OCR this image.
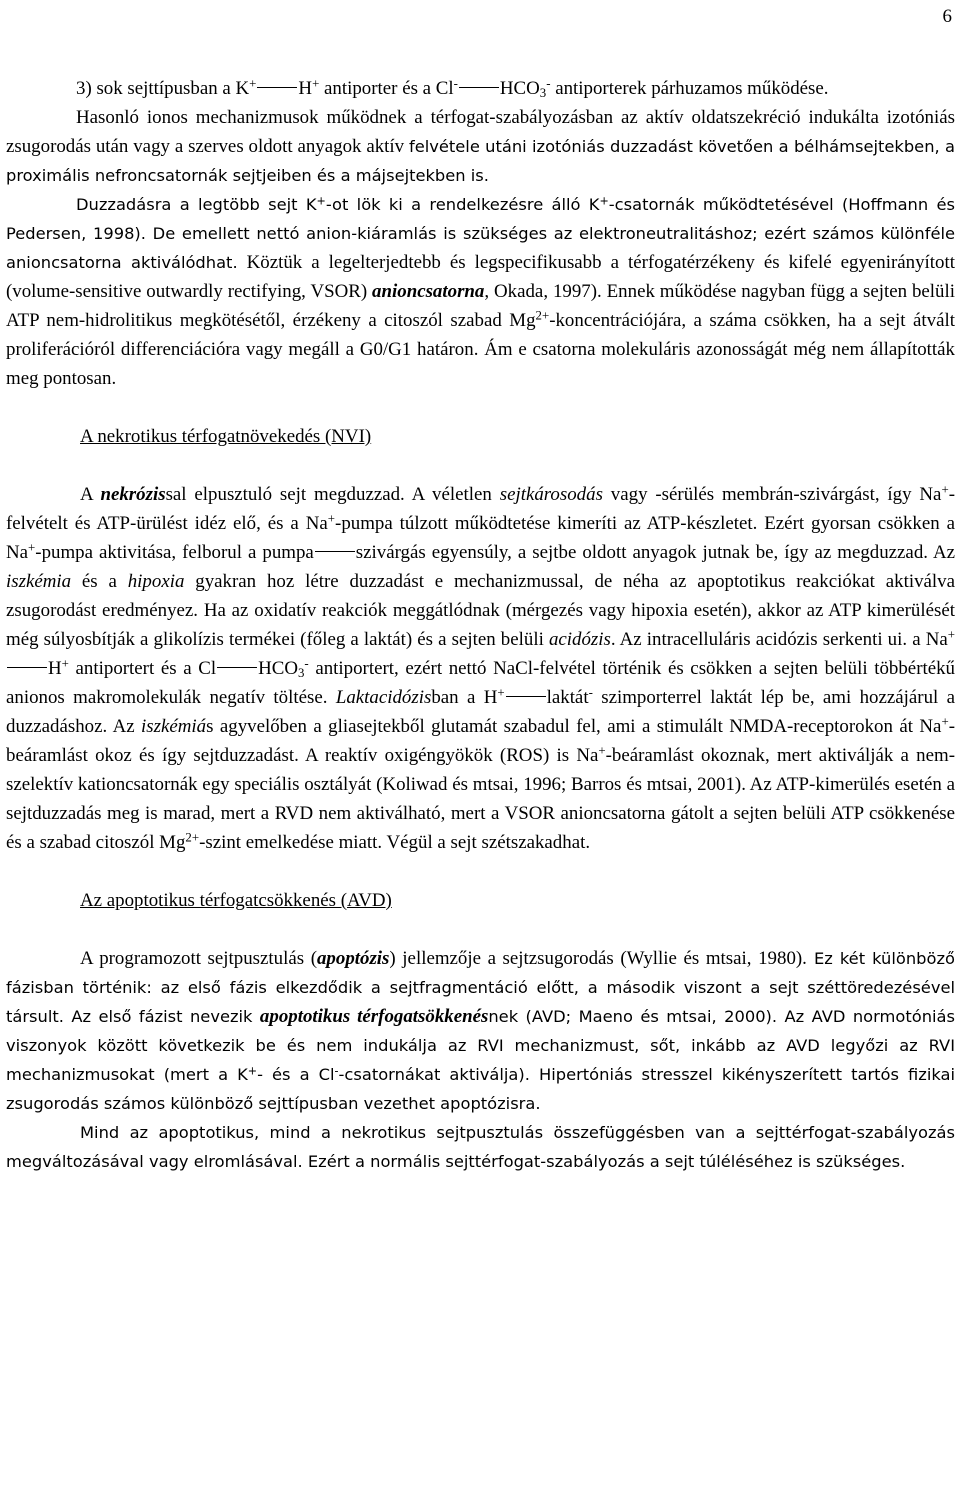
6

3) sok sejttípusban a K+ H+ antiporter és a Cl- $HCO_3^-$ antiporterek párhuzamos működése.

Hasonló ionos mechanizmusok működnek a térfogat-szabályozásban az aktív oldatszekréció indukálta izotóniás zsugorodás után vagy a szerves oldott anyagok aktív felvétele utáni izotóniás duzzadást követően a bélhámsejtekben, a proximális nefroncsatornák sejtjeiben és a májsejtekben is.

Duzzadásra a legtöbb sejt K+-ot lök ki a rendelkezésre álló K+-csatornák működtetésével (Hoffmann és Pedersen, 1998). De emellett nettó anion-kiáramlás is szükséges az elektroneutralitáshoz; ezért számos különféle anioncsatorna aktiválódhat. Köztük a legelterjedtebb és legspecifikusabb a térfogatérzékeny és kifelé egyenirányított (volume-sensitive outwardly rectifying, VSOR) anioncsatorna, Okada, 1997). Ennek működése nagyban függ a sejten belüli ATP nem-hidrolitikus megkötésétől, érzékeny a citoszól szabad $Mg^{2+}$-koncentrációjára, a száma csökken, ha a sejt átvált proliferációról differenciációra vagy megáll a G0/G1 határon. Ám e csatorna molekuláris azonosságát még nem állapították meg pontosan.

A nekrotikus térfogatnövekedés (NVI)

A nekrózissal elpusztuló sejt megduzzad. A véletlen sejtkárosodás vagy -sérülés membrán-szivárgást, így Na+-felvételt és ATP-ürülést idéz elő, és a Na+-pumpa túlzott működtetése kimeríti az ATP-készletet. Ezért gyorsan csökken a Na+-pumpa aktivitása, felborul a pumpa szivárgás egyensúly, a sejtbe oldott anyagok jutnak be, így az megduzzad. Az iszkémia és a hipoxia gyakran hoz létre duzzadást e mechanizmussal, de néha az apoptotikus reakciókat aktiválva zsugorodást eredményez. Ha az oxidatív reakciók meggátlódnak (mérgezés vagy hipoxia esetén), akkor az ATP kimerülését még súlyosbítják a glikolízis termékei (főleg a laktát) és a sejten belüli acidózis. Az intracelluláris acidózis serkenti ui. a Na+H+ antiportert és a Cl $HCO_3^-$ antiportert, ezért nettó NaCl-felvétel történik és csökken a sejten belüli többértékű anionos makromolekulák negatív töltése. Laktacidózisban a H+ laktát- szimporterrel laktát lép be, ami hozzájárul a duzzadáshoz. Az iszkémiás agyvelőben a gliasejtekből glutamát szabadul fel, ami a stimulált NMDA-receptorokon át Na+-beáramlást okoz és így sejtduzzadást. A reaktív oxigéngyökök (ROS) is Na+-beáramlást okoznak, mert aktiválják a nem-szelektív kationcsatornák egy speciális osztályát (Koliwad és mtsai, 1996; Barros és mtsai, 2001). Az ATP-kimerülés esetén a sejtduzzadás meg is marad, mert a RVD nem aktiválható, mert a VSOR anioncsatorna gátolt a sejten belüli ATP csökkenése és a szabad citoszól $Mg^{2+}$-szint emelkedése miatt. Végül a sejt szétszakadhat.

Az apoptotikus térfogatcsökkenés (AVD)

A programozott sejtpusztulás (apoptózis) jellemzője a sejtzsugorodás (Wyllie és mtsai, 1980). Ez két különböző fázisban történik: az első fázis elkezdődik a sejtfragmentáció előtt, a második viszont a sejt széttöredezésével társult. Az első fázist nevezik apoptotikus térfogatsökkenésnek (AVD; Maeno és mtsai, 2000). Az AVD normotóniás viszonyok között következik be és nem indukálja az RVI mechanizmust, sőt, inkább az AVD legyőzi az RVI mechanizmusokat (mert a K+- és a Cl--csatornákat aktiválja). Hipertóniás stresszel kikényszerített tartós fizikai zsugorodás számos különböző sejttípusban vezethet apoptózisra.

Mind az apoptotikus, mind a nekrotikus sejtpusztulás összefüggésben van a sejttérfogat-szabályozás megváltozásával vagy elromlásával. Ezért a normális sejttérfogat-szabályozás a sejt túléléséhez is szükséges.
